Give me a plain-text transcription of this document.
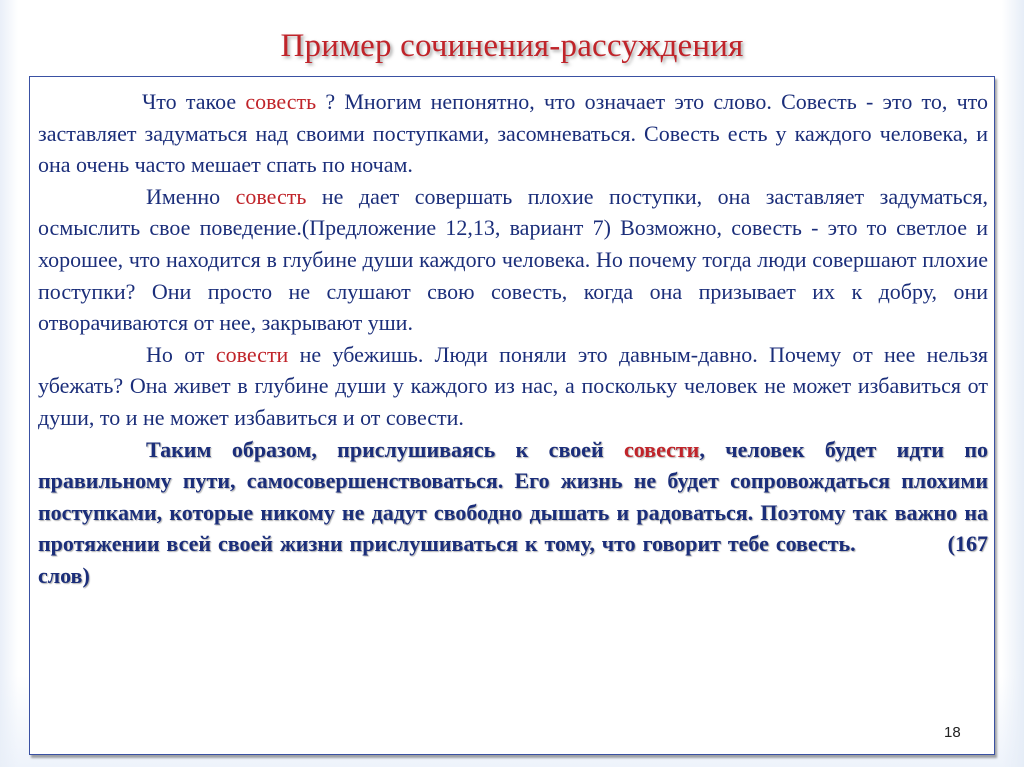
Пример сочинения-рассуждения

Что такое совесть ? Многим непонятно, что означает это слово. Совесть - это то, что заставляет задуматься над своими поступками, засомневаться. Совесть есть у каждого человека, и она очень часто мешает спать по ночам.

Именно совесть не дает совершать плохие поступки, она заставляет задуматься, осмыслить свое поведение.(Предложение 12,13, вариант 7) Возможно, совесть - это то светлое и хорошее, что находится в глубине души каждого человека. Но почему тогда люди совершают плохие поступки? Они просто не слушают свою совесть, когда она призывает их к добру, они отворачиваются от нее, закрывают уши.

Но от совести не убежишь. Люди поняли это давным-давно. Почему от нее нельзя убежать? Она живет в глубине души у каждого из нас, а поскольку человек не может избавиться от души, то и не может избавиться и от совести.

Таким образом, прислушиваясь к своей совести, человек будет идти по правильному пути, самосовершенствоваться. Его жизнь не будет сопровождаться плохими поступками, которые никому не дадут свободно дышать и радоваться. Поэтому так важно на протяжении всей своей жизни прислушиваться к тому, что говорит тебе совесть.	(167 слов)

18
